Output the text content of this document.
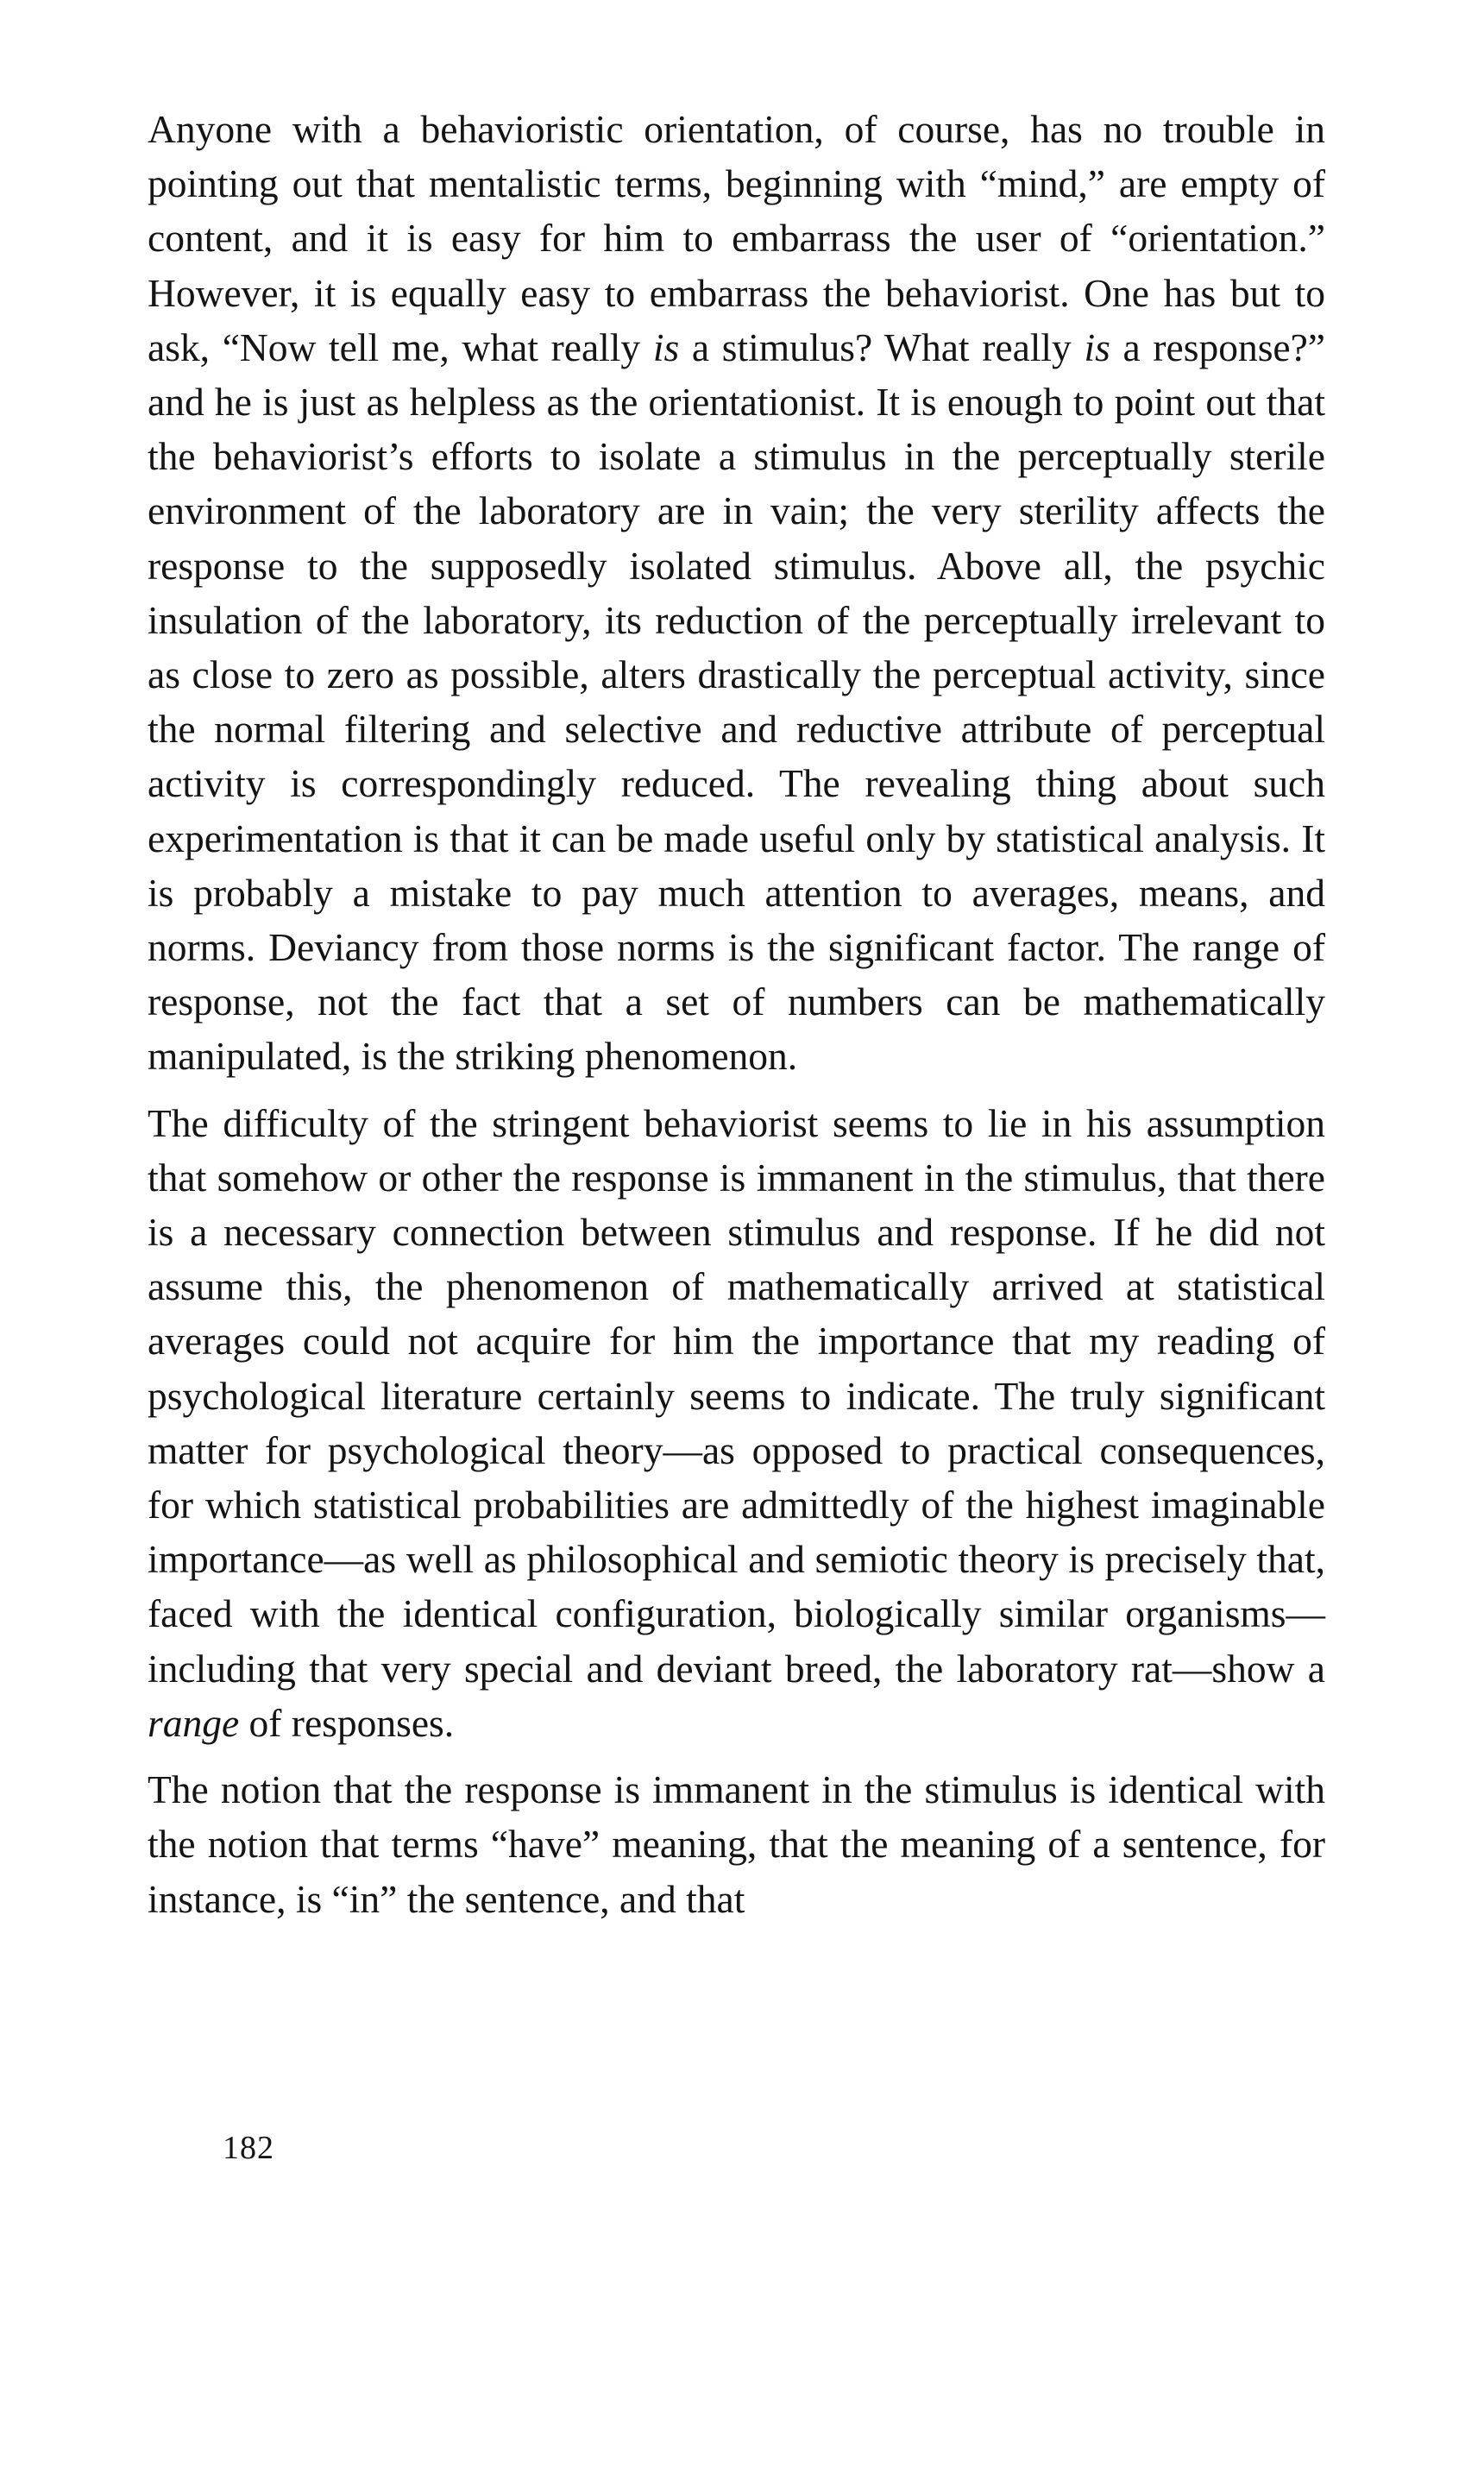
Anyone with a behavioristic orientation, of course, has no trouble in pointing out that mentalistic terms, beginning with “mind,” are empty of content, and it is easy for him to embarrass the user of “orientation.” However, it is equally easy to embarrass the behaviorist. One has but to ask, “Now tell me, what really is a stimulus? What really is a response?” and he is just as helpless as the orientationist. It is enough to point out that the behaviorist’s efforts to isolate a stimulus in the perceptually sterile environment of the laboratory are in vain; the very sterility affects the response to the supposedly isolated stimulus. Above all, the psychic insulation of the laboratory, its reduction of the perceptually irrelevant to as close to zero as possible, alters drastically the perceptual activity, since the normal filtering and selective and reductive attribute of perceptual activity is correspondingly reduced. The revealing thing about such experimentation is that it can be made useful only by statistical analysis. It is probably a mistake to pay much attention to averages, means, and norms. Deviancy from those norms is the significant factor. The range of response, not the fact that a set of numbers can be mathematically manipulated, is the striking phenomenon.

The difficulty of the stringent behaviorist seems to lie in his assumption that somehow or other the response is immanent in the stimulus, that there is a necessary connection between stimulus and response. If he did not assume this, the phenomenon of mathematically arrived at statistical averages could not acquire for him the importance that my reading of psychological literature certainly seems to indicate. The truly significant matter for psychological theory—as opposed to practical consequences, for which statistical probabilities are admittedly of the highest imaginable importance—as well as philosophical and semiotic theory is precisely that, faced with the identical configuration, biologically similar organisms—including that very special and deviant breed, the laboratory rat—show a range of responses.

The notion that the response is immanent in the stimulus is identical with the notion that terms “have” meaning, that the meaning of a sentence, for instance, is “in” the sentence, and that

182
